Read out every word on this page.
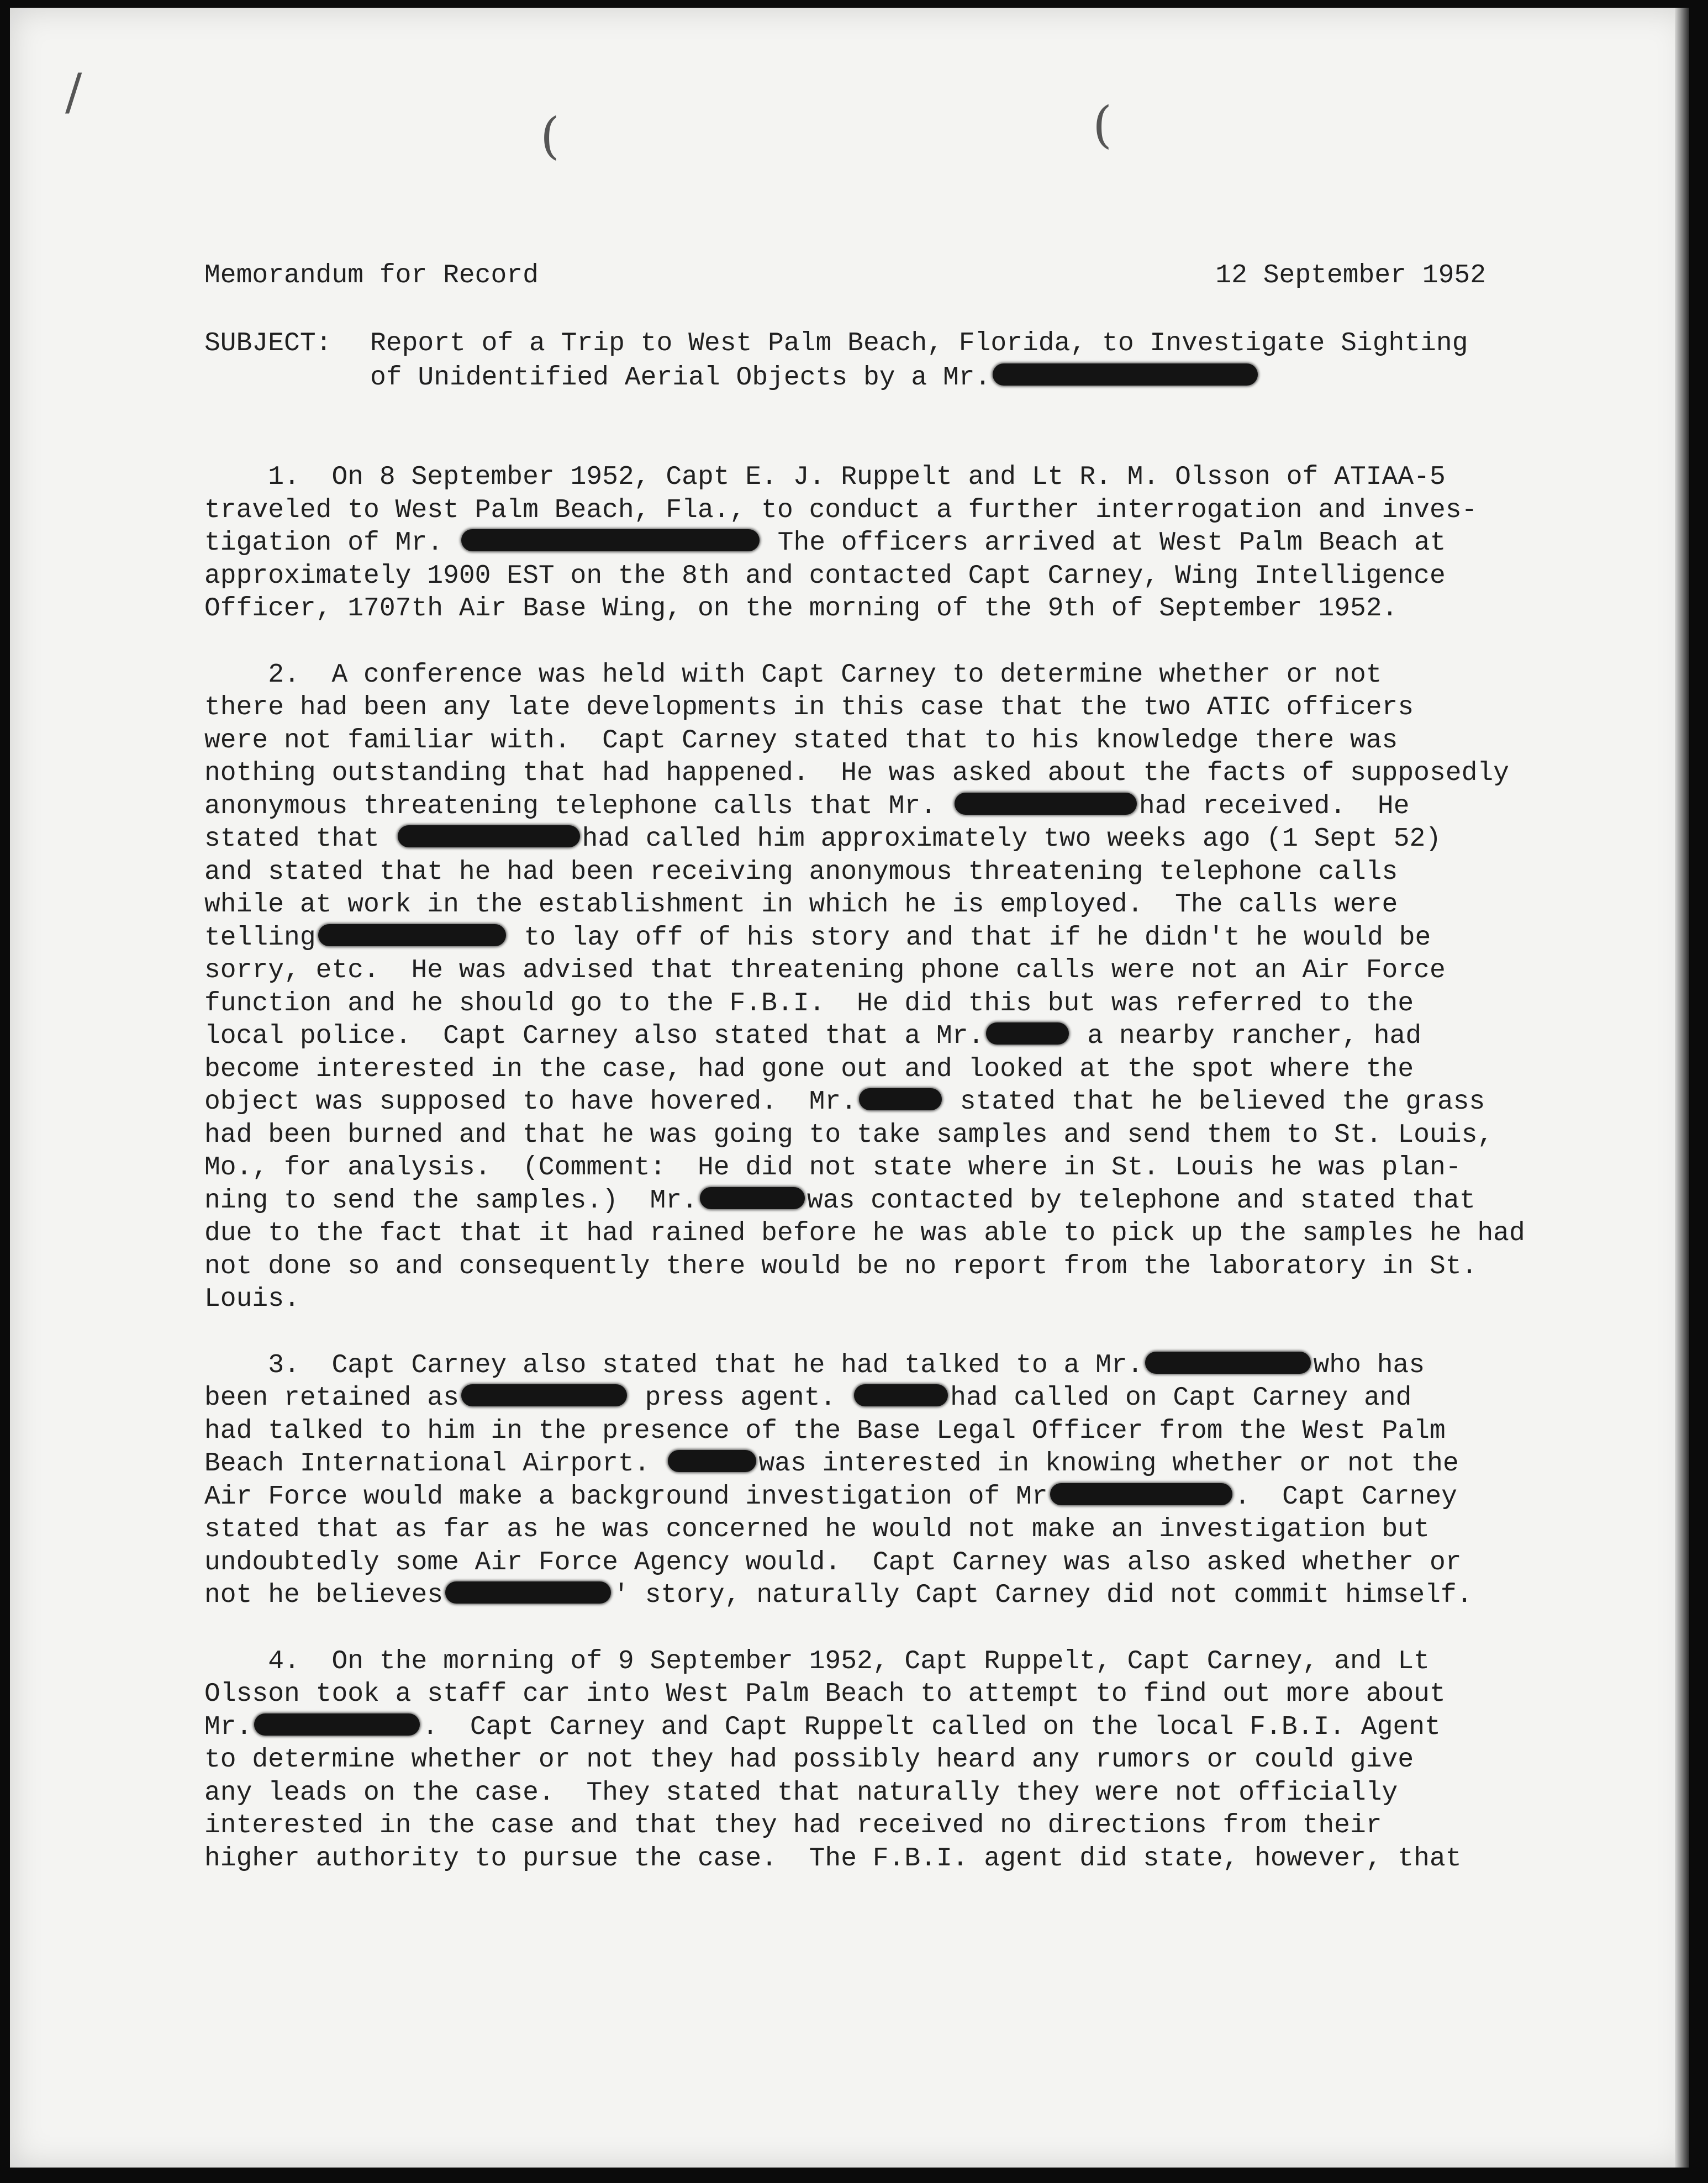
/
(	(
Memorandum for Record	12 September 1952
SUBJECT:	Report of a Trip to West Palm Beach, Florida, to Investigate Sighting
of Unidentified Aerial Objects by a Mr.
1.  On 8 September 1952, Capt E. J. Ruppelt and Lt R. M. Olsson of ATIAA-5
traveled to West Palm Beach, Fla., to conduct a further interrogation and inves-
tigation of Mr.	The officers arrived at West Palm Beach at
approximately 1900 EST on the 8th and contacted Capt Carney, Wing Intelligence
Officer, 1707th Air Base Wing, on the morning of the 9th of September 1952.
2.  A conference was held with Capt Carney to determine whether or not
there had been any late developments in this case that the two ATIC officers
were not familiar with.  Capt Carney stated that to his knowledge there was
nothing outstanding that had happened.  He was asked about the facts of supposedly
anonymous threatening telephone calls that Mr.	had received.  He
stated that	had called him approximately two weeks ago (1 Sept 52)
and stated that he had been receiving anonymous threatening telephone calls
while at work in the establishment in which he is employed.  The calls were
telling	to lay off of his story and that if he didn't he would be
sorry, etc.  He was advised that threatening phone calls were not an Air Force
function and he should go to the F.B.I.  He did this but was referred to the
local police.  Capt Carney also stated that a Mr.	a nearby rancher, had
become interested in the case, had gone out and looked at the spot where the
object was supposed to have hovered.  Mr.	stated that he believed the grass
had been burned and that he was going to take samples and send them to St. Louis,
Mo., for analysis.  (Comment:  He did not state where in St. Louis he was plan-
ning to send the samples.)  Mr.	was contacted by telephone and stated that
due to the fact that it had rained before he was able to pick up the samples he had
not done so and consequently there would be no report from the laboratory in St.
Louis.
3.  Capt Carney also stated that he had talked to a Mr.	who has
been retained as	press agent.	had called on Capt Carney and
had talked to him in the presence of the Base Legal Officer from the West Palm
Beach International Airport.	was interested in knowing whether or not the
Air Force would make a background investigation of Mr	.  Capt Carney
stated that as far as he was concerned he would not make an investigation but
undoubtedly some Air Force Agency would.  Capt Carney was also asked whether or
not he believes	' story, naturally Capt Carney did not commit himself.
4.  On the morning of 9 September 1952, Capt Ruppelt, Capt Carney, and Lt
Olsson took a staff car into West Palm Beach to attempt to find out more about
Mr.	.  Capt Carney and Capt Ruppelt called on the local F.B.I. Agent
to determine whether or not they had possibly heard any rumors or could give
any leads on the case.  They stated that naturally they were not officially
interested in the case and that they had received no directions from their
higher authority to pursue the case.  The F.B.I. agent did state, however, that
